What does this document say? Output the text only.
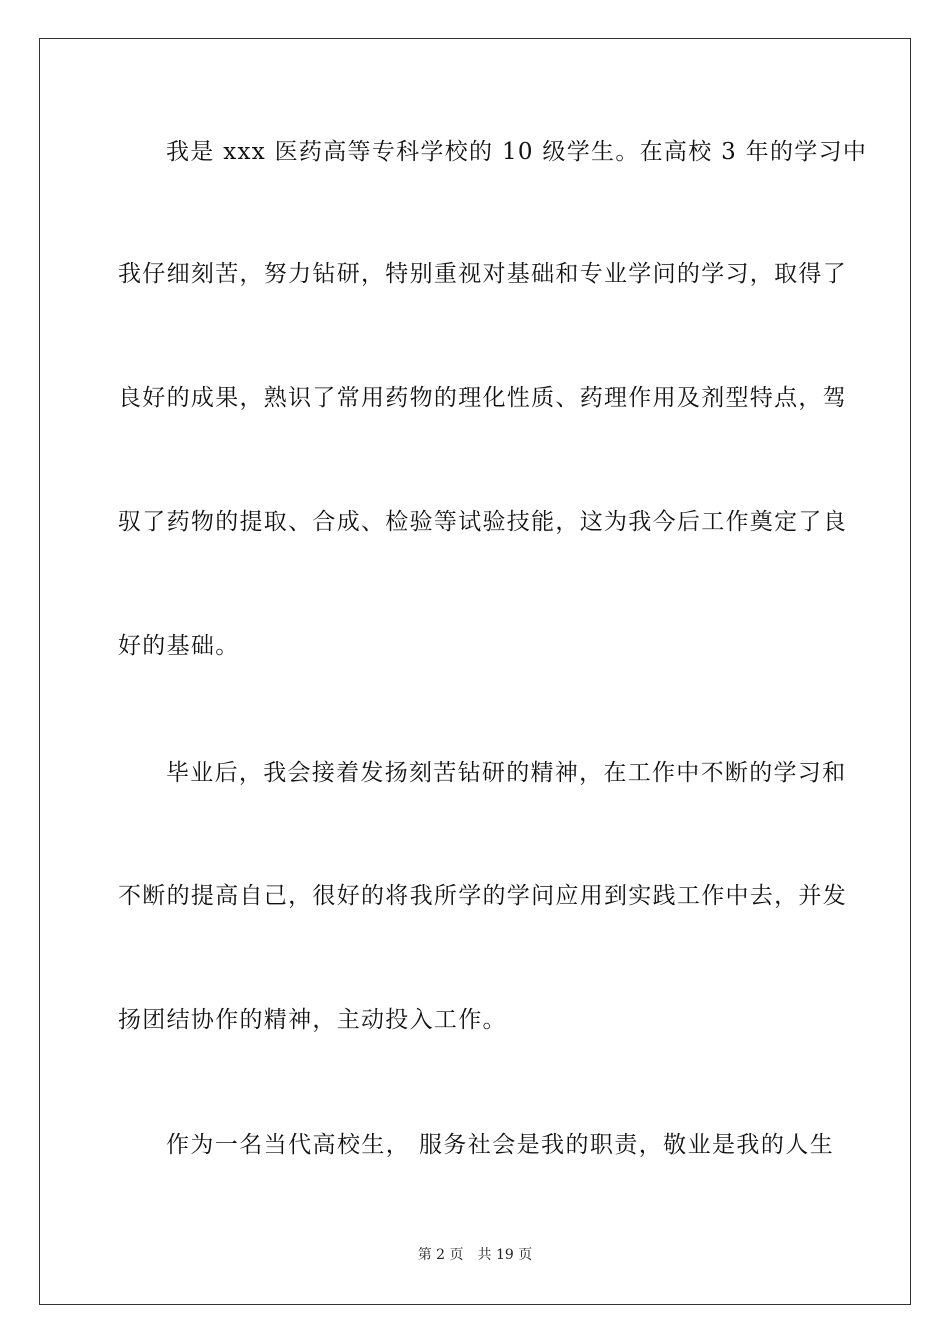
我是 xxx 医药高等专科学校的 10 级学生。在高校 3 年的学习中
我仔细刻苦，努力钻研，特别重视对基础和专业学问的学习，取得了
良好的成果，熟识了常用药物的理化性质、药理作用及剂型特点，驾
驭了药物的提取、合成、检验等试验技能，这为我今后工作奠定了良
好的基础。
毕业后，我会接着发扬刻苦钻研的精神，在工作中不断的学习和
不断的提高自己，很好的将我所学的学问应用到实践工作中去，并发
扬团结协作的精神，主动投入工作。
作为一名当代高校生， 服务社会是我的职责，敬业是我的人生
第 2 页 共 19 页
